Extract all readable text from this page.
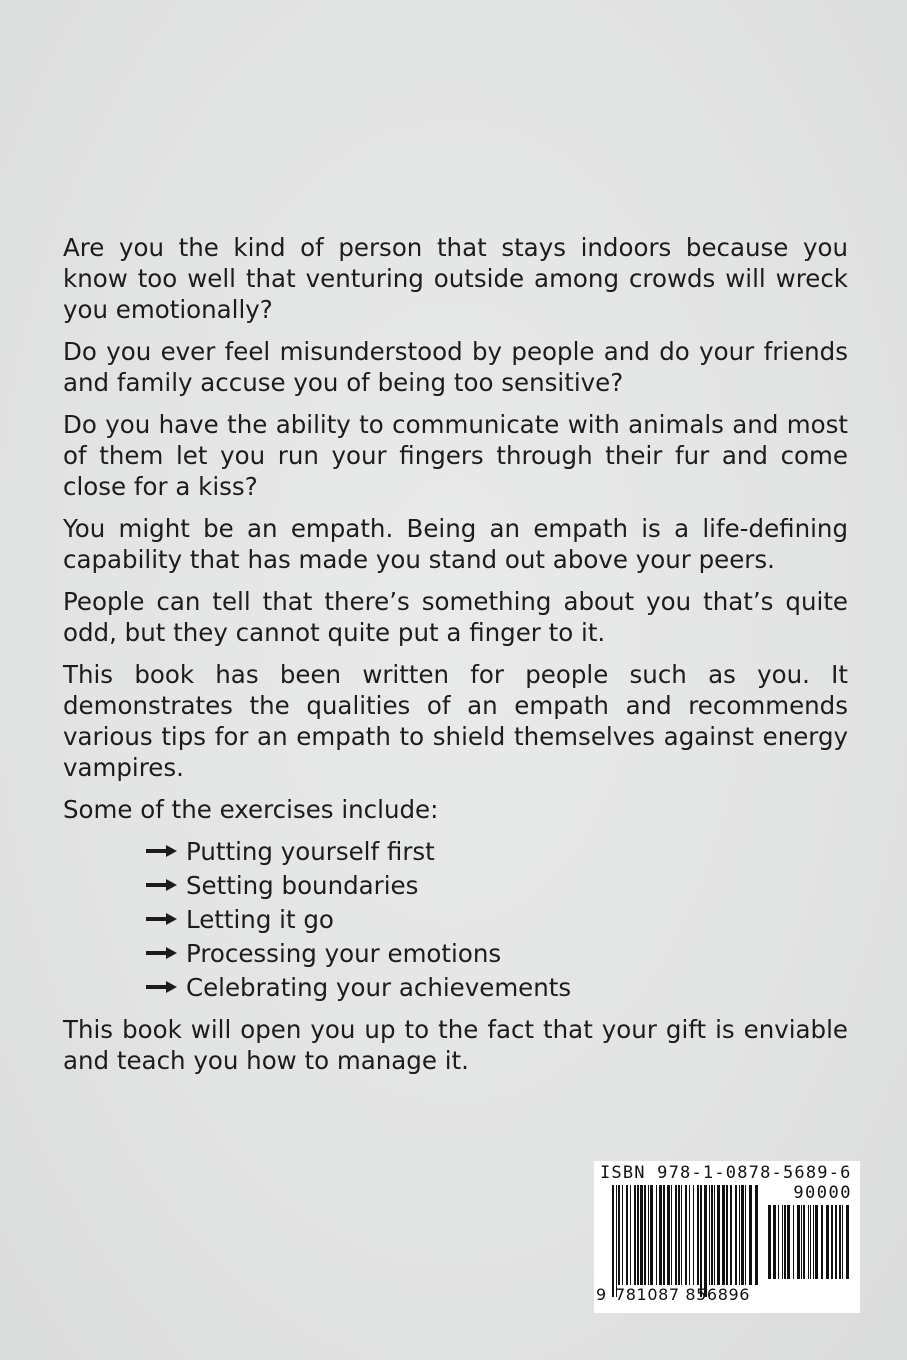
Are you the kind of person that stays indoors because you know too well that venturing outside among crowds will wreck you emotionally?

Do you ever feel misunderstood by people and do your friends and family accuse you of being too sensitive?

Do you have the ability to communicate with animals and most of them let you run your fingers through their fur and come close for a kiss?

You might be an empath. Being an empath is a life-defining capability that has made you stand out above your peers.

People can tell that there’s something about you that’s quite odd, but they cannot quite put a finger to it.

This book has been written for people such as you. It demonstrates the qualities of an empath and recommends various tips for an empath to shield themselves against energy vampires.

Some of the exercises include:

Putting yourself first
Setting boundaries
Letting it go
Processing your emotions
Celebrating your achievements

This book will open you up to the fact that your gift is enviable and teach you how to manage it.

ISBN 978-1-0878-5689-6
90000
9 781087 856896
